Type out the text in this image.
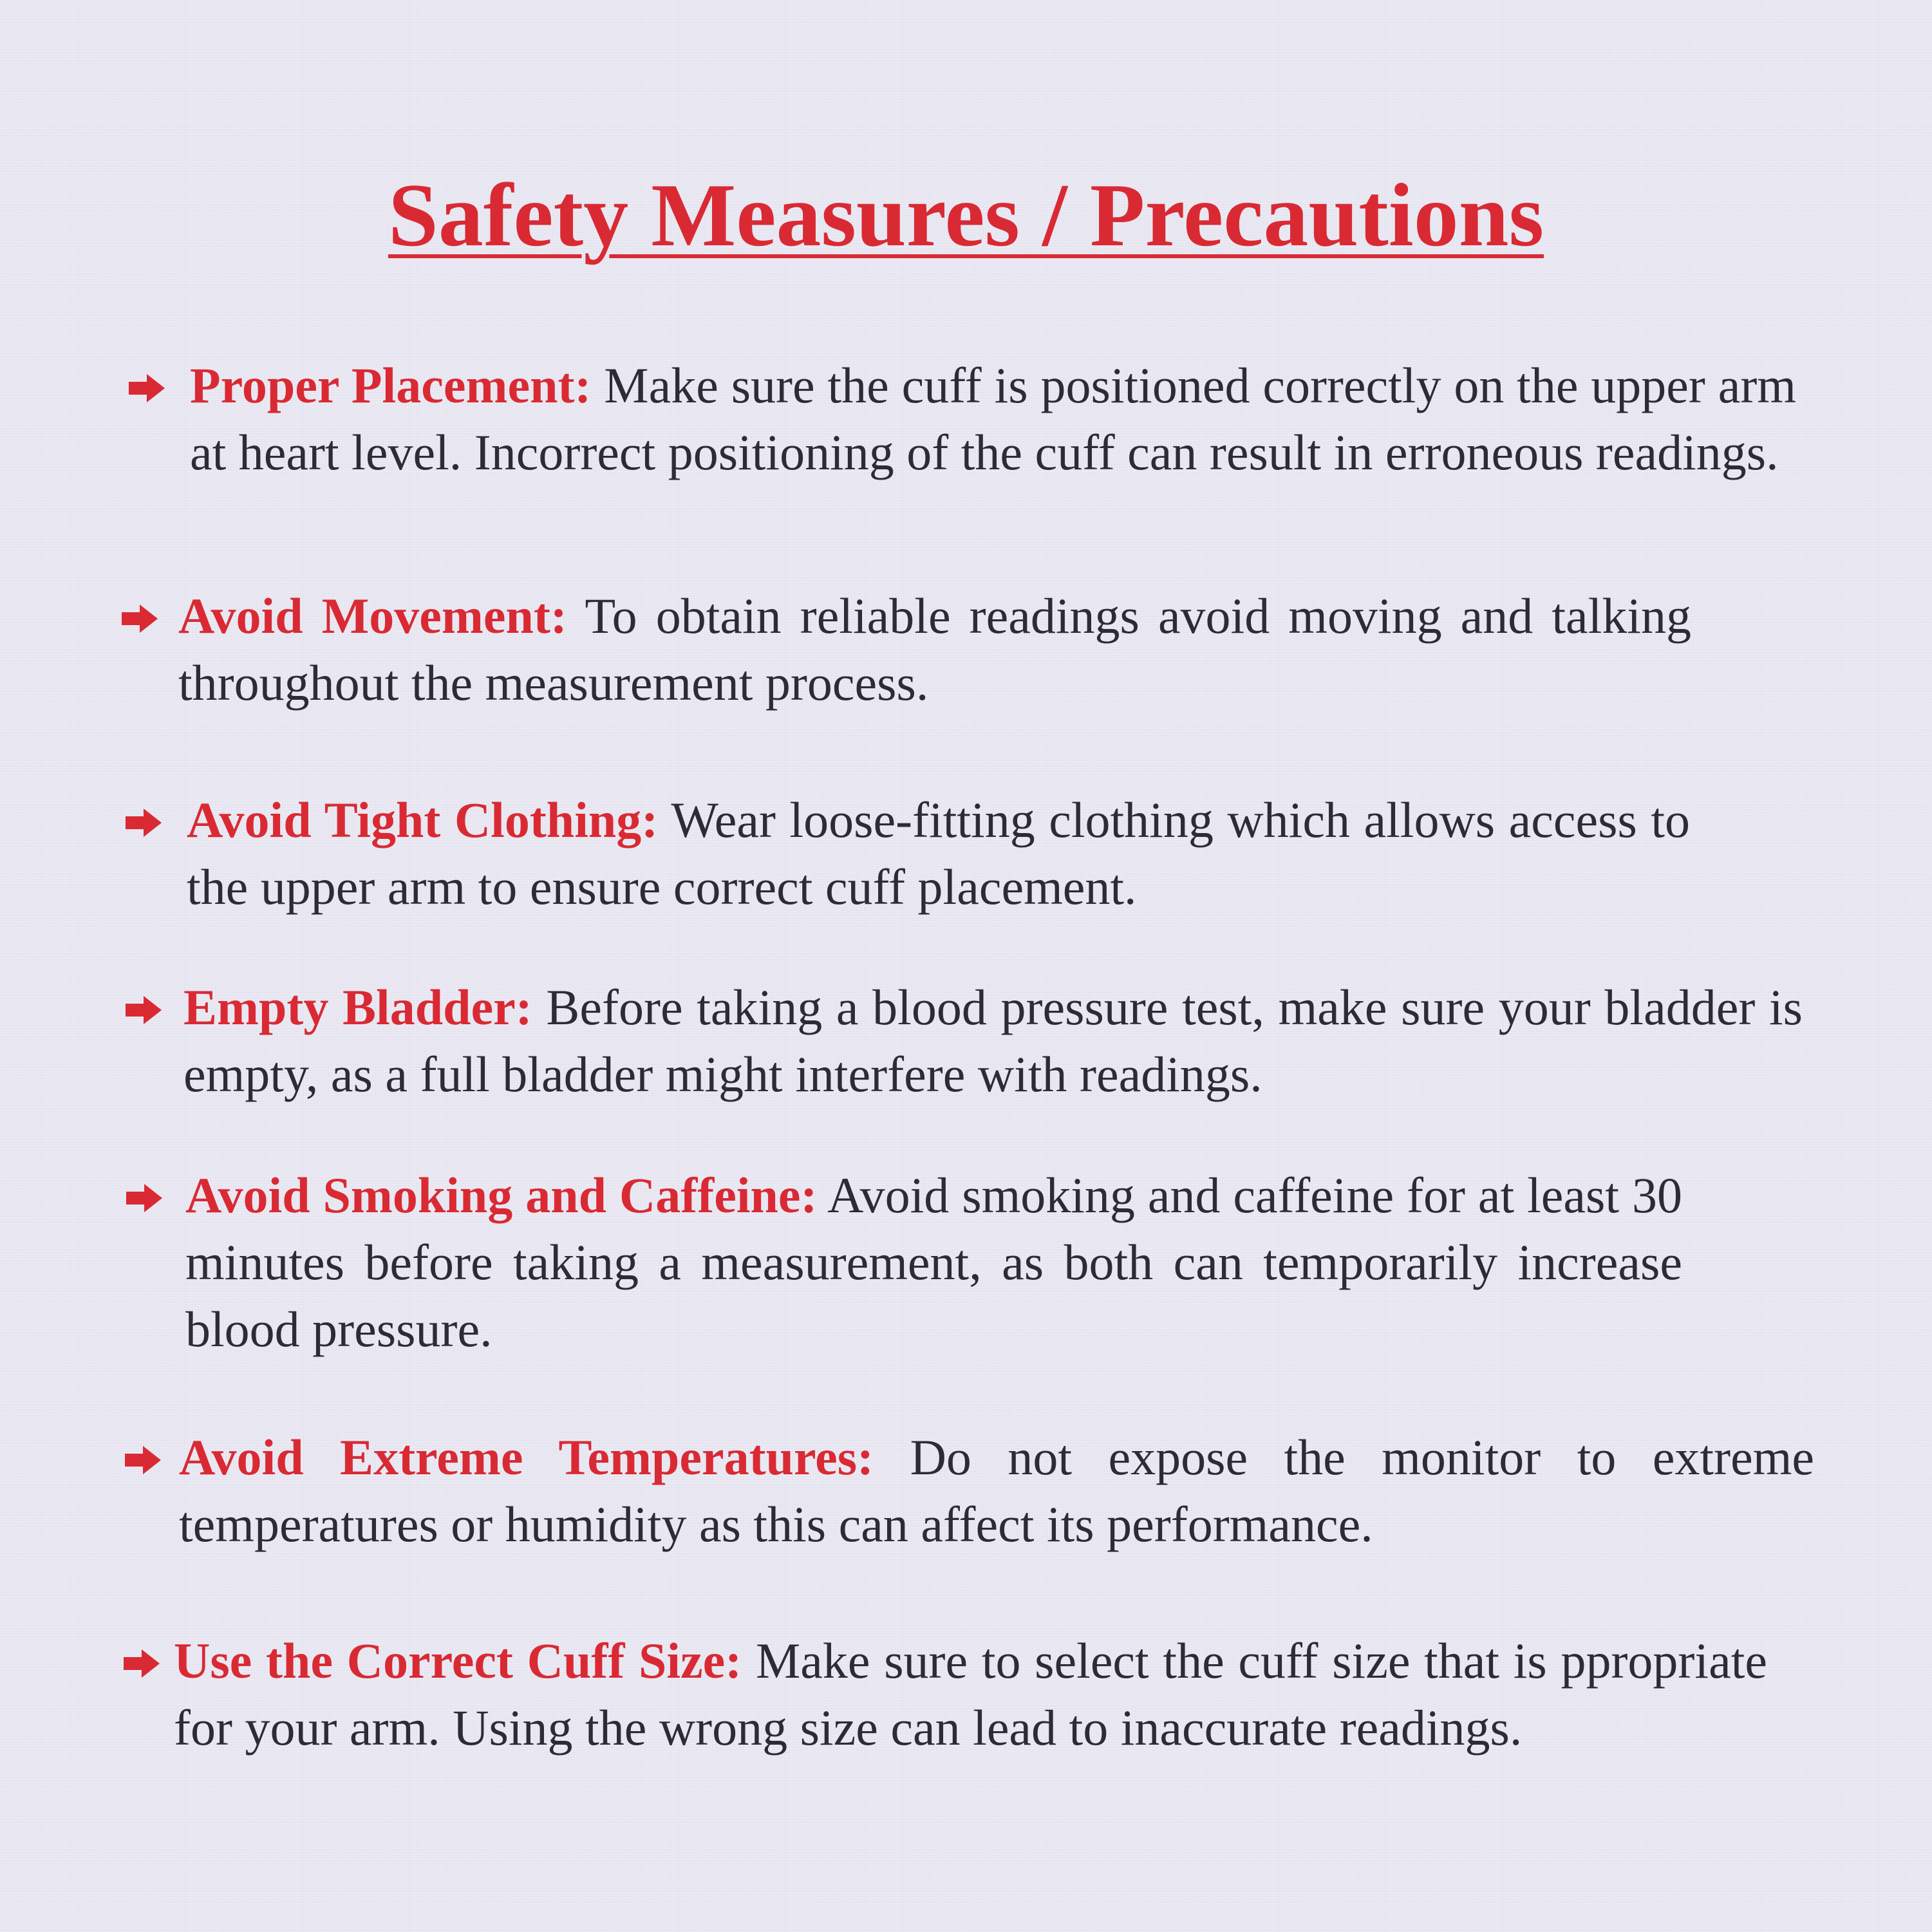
Safety Measures / Precautions
Proper Placement: Make sure the cuff is positioned correctly on the upper arm at heart level. Incorrect positioning of the cuff can result in erroneous readings.
Avoid Movement: To obtain reliable readings avoid moving and talking throughout the measurement process.
Avoid Tight Clothing: Wear loose-fitting clothing which allows access to the upper arm to ensure correct cuff placement.
Empty Bladder: Before taking a blood pressure test, make sure your bladder is empty, as a full bladder might interfere with readings.
Avoid Smoking and Caffeine: Avoid smoking and caffeine for at least 30 minutes before taking a measurement, as both can temporarily increase blood pressure.
Avoid Extreme Temperatures: Do not expose the monitor to extreme temperatures or humidity as this can affect its performance.
Use the Correct Cuff Size: Make sure to select the cuff size that is ppropriate for your arm. Using the wrong size can lead to inaccurate readings.
